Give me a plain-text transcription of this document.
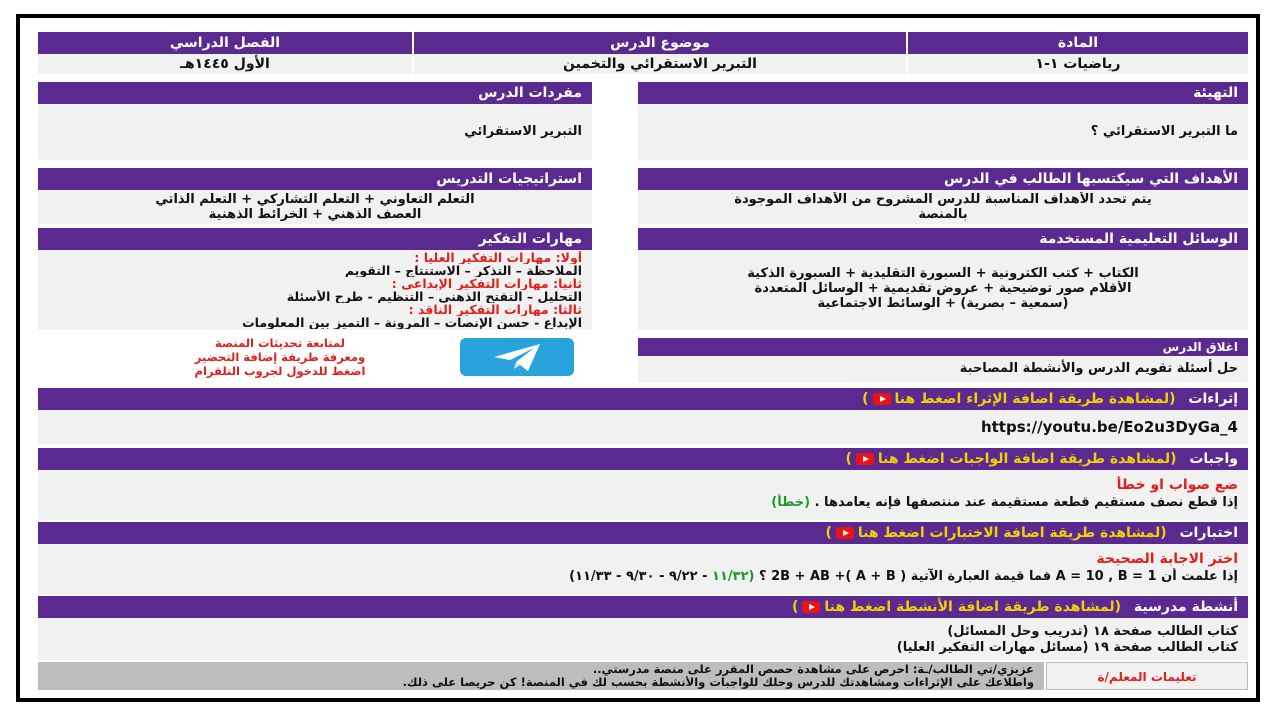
المادة
موضوع الدرس
الفصل الدراسي
رياضيات ١-١
التبرير الاستقرائي والتخمين
الأول ١٤٤٥هـ
التهيئة
ما التبرير الاستقرائي ؟
مفردات الدرس
التبرير الاستقرائي
الأهداف التي سيكتسبها الطالب في الدرس
يتم تحدد الأهداف المناسبة للدرس المشروح من الأهداف الموجودة
بالمنصة
استراتيجيات التدريس
التعلم التعاوني + التعلم التشاركي + التعلم الذاتي
العصف الذهني + الخرائط الذهنية
الوسائل التعليمية المستخدمة
الكتاب + كتب الكترونية + السبورة التقليدية + السبورة الذكية
الأقلام صور توضيحية + عروض تقديمية + الوسائل المتعددة
(سمعية – بصرية) + الوسائط الاجتماعية
مهارات التفكير
أولا: مهارات التفكير العليا :
الملاحظة – التذكر – الاستنتاج – التقويم
ثانيا: مهارات التفكير الإبداعي :
التحليل – التفتح الذهني – التنظيم - طرح الأسئلة
ثالثا: مهارات التفكير الناقد :
الإبداع - حسن الإنصات – المرونة – التميز بين المعلومات
لمتابعة تحديثات المنصة
ومعرفة طريقة إضافة التحضير
اضغط للدخول لجروب التلقرام
اغلاق الدرس
حل أسئلة تقويم الدرس والأنشطة المصاحبة
إثراءات (لمشاهدة طريقة اضافة الإثراء اضغط هنا)
https://youtu.be/Eo2u3DyGa_4
واجبات (لمشاهدة طريقة اضافة الواجبات اضغط هنا)
ضع صواب او خطأ
إذا قطع نصف مستقيم قطعة مستقيمة عند منتصفها فإنه يعامدها . (خطأ)
اختبارات (لمشاهدة طريقة اضافة الاختبارات اضغط هنا)
اختر الاجابة الصحيحة
إذا علمت أن A = 10 , B = 1 فما قيمة العبارة الآتية 2B + AB +( A + B ) ؟ (١١/٣٢ - ٩/٢٢ - ٩/٣٠ - ١١/٣٣)
أنشطة مدرسية (لمشاهدة طريقة اضافة الأنشطة اضغط هنا)
كتاب الطالب صفحة ١٨ (تدريب وحل المسائل)
كتاب الطالب صفحة ١٩ (مسائل مهارات التفكير العليا)
تعليمات المعلم/ة
عزيزي/تي الطالب/ـة: احرص على مشاهدة حصص المقرر على منصة مدرستي..
واطلاعك على الإثراءات ومشاهدتك للدرس وحلك للواجبات والأنشطة بحسب لك في المنصة! كن حريصا على ذلك.
